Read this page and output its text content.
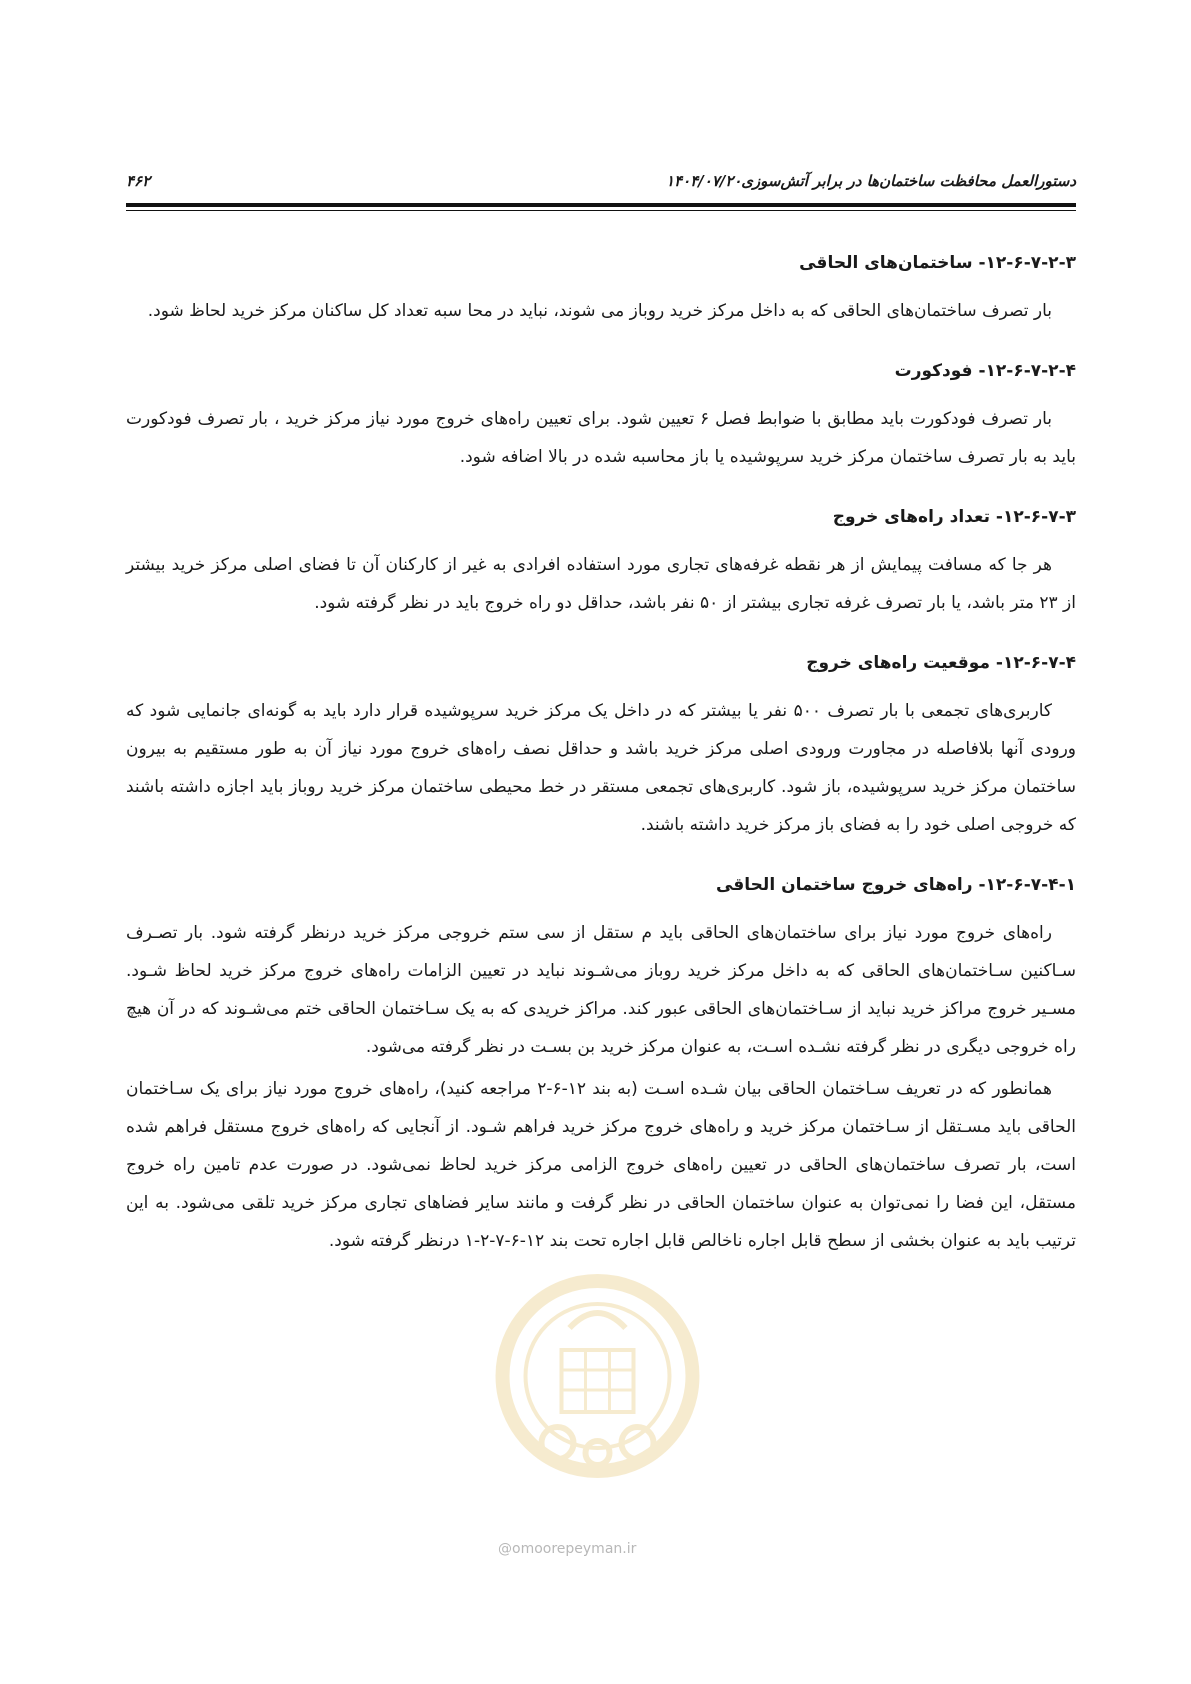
۴۶۲	۱۴۰۴/۰۷/۲۰ دستورالعمل محافظت ساختمان‌ها در برابر آتش‌سوزی
@omoorepeyman.ir
۱۲-۶-۷-۲-۳- ساختمان‌های الحاقی

بار تصرف ساختمان‌های الحاقی که به داخل مرکز خرید روباز می شوند، نباید در محا سبه تعداد کل ساکنان مرکز خرید لحاظ شود.

۱۲-۶-۷-۲-۴- فودکورت

بار تصرف فودکورت باید مطابق با ضوابط فصل ۶ تعیین شود. برای تعیین راه‌های خروج مورد نیاز مرکز خرید ، بار تصرف فودکورت باید به بار تصرف ساختمان مرکز خرید سرپوشیده یا باز محاسبه شده در بالا اضافه شود.

۱۲-۶-۷-۳- تعداد راه‌های خروج

هر جا که مسافت پیمایش از هر نقطه غرفه‌های تجاری مورد استفاده افرادی به غیر از کارکنان آن تا فضای اصلی مرکز خرید بیشتر از ۲۳ متر باشد، یا بار تصرف غرفه تجاری بیشتر از ۵۰ نفر باشد، حداقل دو راه خروج باید در نظر گرفته شود.

۱۲-۶-۷-۴- موقعیت راه‌های خروج

کاربری‌های تجمعی با بار تصرف ۵۰۰ نفر یا بیشتر که در داخل یک مرکز خرید سرپوشیده قرار دارد باید به گونه‌ای جانمایی شود که ورودی آنها بلافاصله در مجاورت ورودی اصلی مرکز خرید باشد و حداقل نصف راه‌های خروج مورد نیاز آن به طور مستقیم به بیرون ساختمان مرکز خرید سرپوشیده، باز شود. کاربری‌های تجمعی مستقر در خط محیطی ساختمان مرکز خرید روباز باید اجازه داشته باشند که خروجی اصلی خود را به فضای باز مرکز خرید داشته باشند.

۱۲-۶-۷-۴-۱- راه‌های خروج ساختمان الحاقی

راه‌های خروج مورد نیاز برای ساختمان‌های الحاقی باید م ستقل از سی ستم خروجی مرکز خرید درنظر گرفته شود. بار تصـرف سـاکنین سـاختمان‌های الحاقی که به داخل مرکز خرید روباز می‌شـوند نباید در تعیین الزامات راه‌های خروج مرکز خرید لحاظ شـود. مسـیر خروج مراکز خرید نباید از سـاختمان‌های الحاقی عبور کند. مراکز خریدی که به یک سـاختمان الحاقی ختم می‌شـوند که در آن هیچ راه خروجی دیگری در نظر گرفته نشـده اسـت، به عنوان مرکز خرید بن بسـت در نظر گرفته می‌شود.

همانطور که در تعریف سـاختمان الحاقی بیان شـده اسـت (به بند ۱۲-۶-۲ مراجعه کنید)، راه‌های خروج مورد نیاز برای یک سـاختمان الحاقی باید مسـتقل از سـاختمان مرکز خرید و راه‌های خروج مرکز خرید فراهم شـود. از آنجایی که راه‌های خروج مستقل فراهم شده است، بار تصرف ساختمان‌های الحاقی در تعیین راه‌های خروج الزامی مرکز خرید لحاظ نمی‌شود. در صورت عدم تامین راه خروج مستقل، این فضا را نمی‌توان به عنوان ساختمان الحاقی در نظر گرفت و مانند سایر فضاهای تجاری مرکز خرید تلقی می‌شود. به این ترتیب باید به عنوان بخشی از سطح قابل اجاره ناخالص قابل اجاره تحت بند ۱۲-۶-۷-۲-۱ درنظر گرفته شود.
